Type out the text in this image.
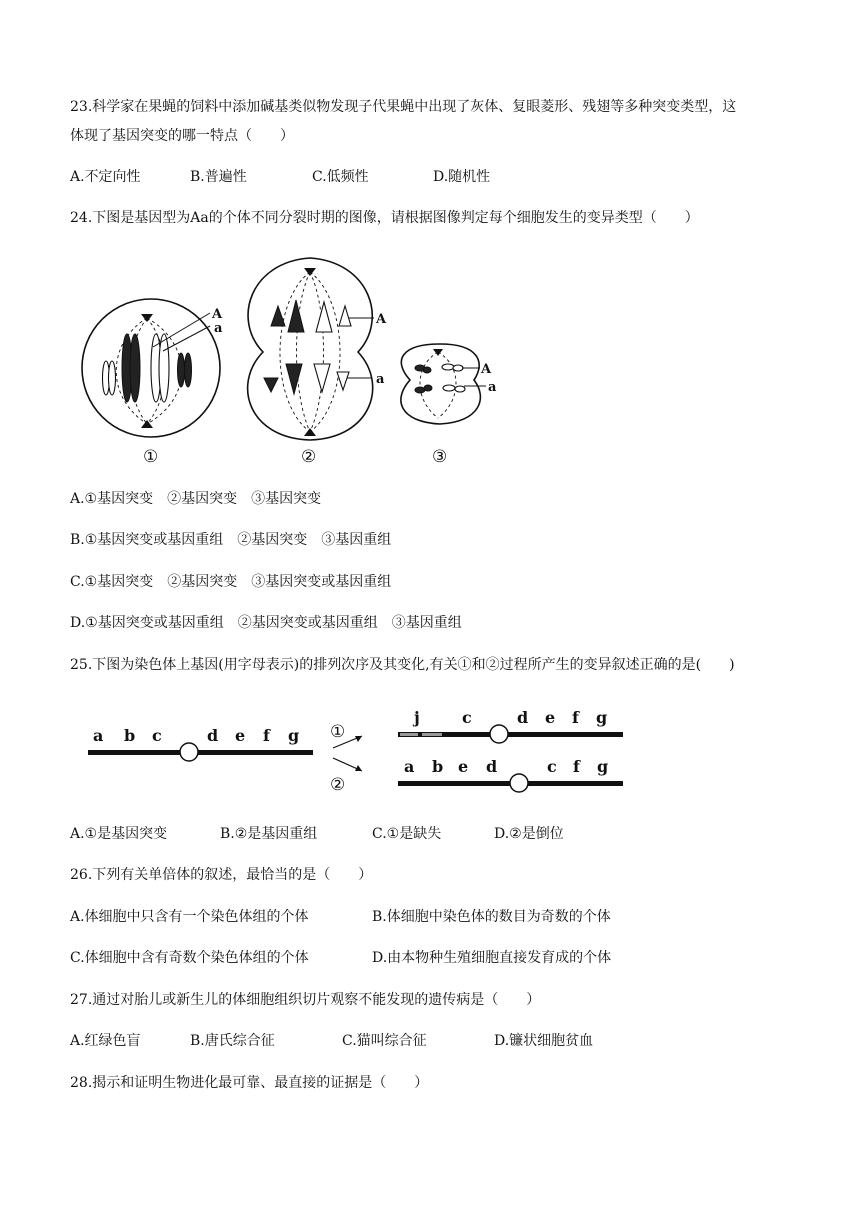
23.科学家在果蝇的饲料中添加碱基类似物发现子代果蝇中出现了灰体、复眼菱形、残翅等多种突变类型，这
体现了基因突变的哪一特点（　　）
A.不定向性	B.普遍性	C.低频性	D.随机性
24.下图是基因型为Aa的个体不同分裂时期的图像，请根据图像判定每个细胞发生的变异类型（　　）
A
a
①
A
a
②
A
a
③
A.①基因突变　②基因突变　③基因突变
B.①基因突变或基因重组　②基因突变　③基因重组
C.①基因突变　②基因突变　③基因突变或基因重组
D.①基因突变或基因重组　②基因突变或基因重组　③基因重组
25.下图为染色体上基因(用字母表示)的排列次序及其变化,有关①和②过程所产生的变异叙述正确的是(　　)
a b c	d e f g ①
②
j	c	d e f g
a b e d	c f g
A.①是基因突变	B.②是基因重组	C.①是缺失	D.②是倒位
26.下列有关单倍体的叙述，最恰当的是（　　）
A.体细胞中只含有一个染色体组的个体	B.体细胞中染色体的数目为奇数的个体
C.体细胞中含有奇数个染色体组的个体	D.由本物种生殖细胞直接发育成的个体
27.通过对胎儿或新生儿的体细胞组织切片观察不能发现的遗传病是（　　）
A.红绿色盲	B.唐氏综合征	C.猫叫综合征	D.镰状细胞贫血
28.揭示和证明生物进化最可靠、最直接的证据是（　　）
